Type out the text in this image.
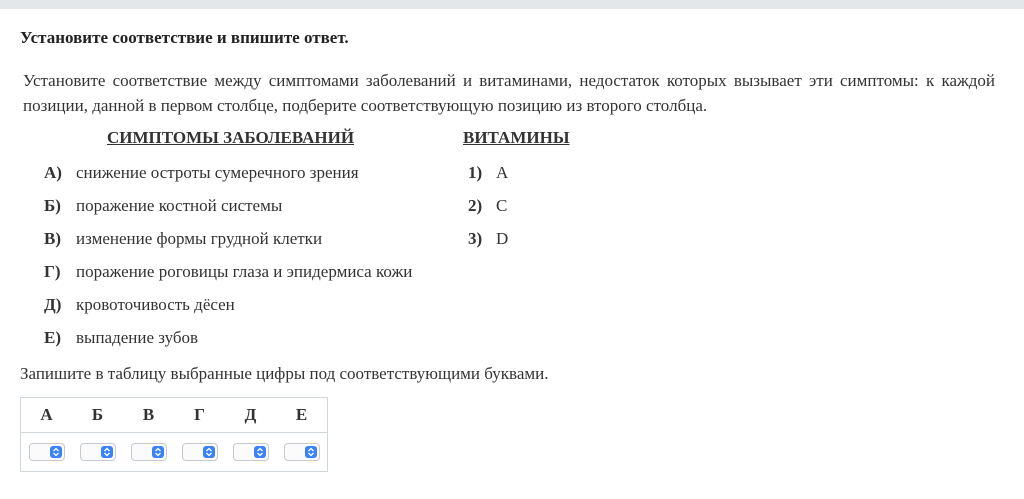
Установите соответствие и впишите ответ.
Установите соответствие между симптомами заболеваний и витаминами, недостаток которых вызывает эти симптомы: к каждой позиции, данной в первом столбце, подберите соответствующую позицию из второго столбца.
СИМПТОМЫ ЗАБОЛЕВАНИЙ	ВИТАМИНЫ
А) снижение остроты сумеречного зрения
Б) поражение костной системы
В) изменение формы грудной клетки
Г) поражение роговицы глаза и эпидермиса кожи
Д) кровоточивость дёсен
Е) выпадение зубов
1) A
2) C
3) D
Запишите в таблицу выбранные цифры под соответствующими буквами.
А	Б	В	Г	Д	Е
